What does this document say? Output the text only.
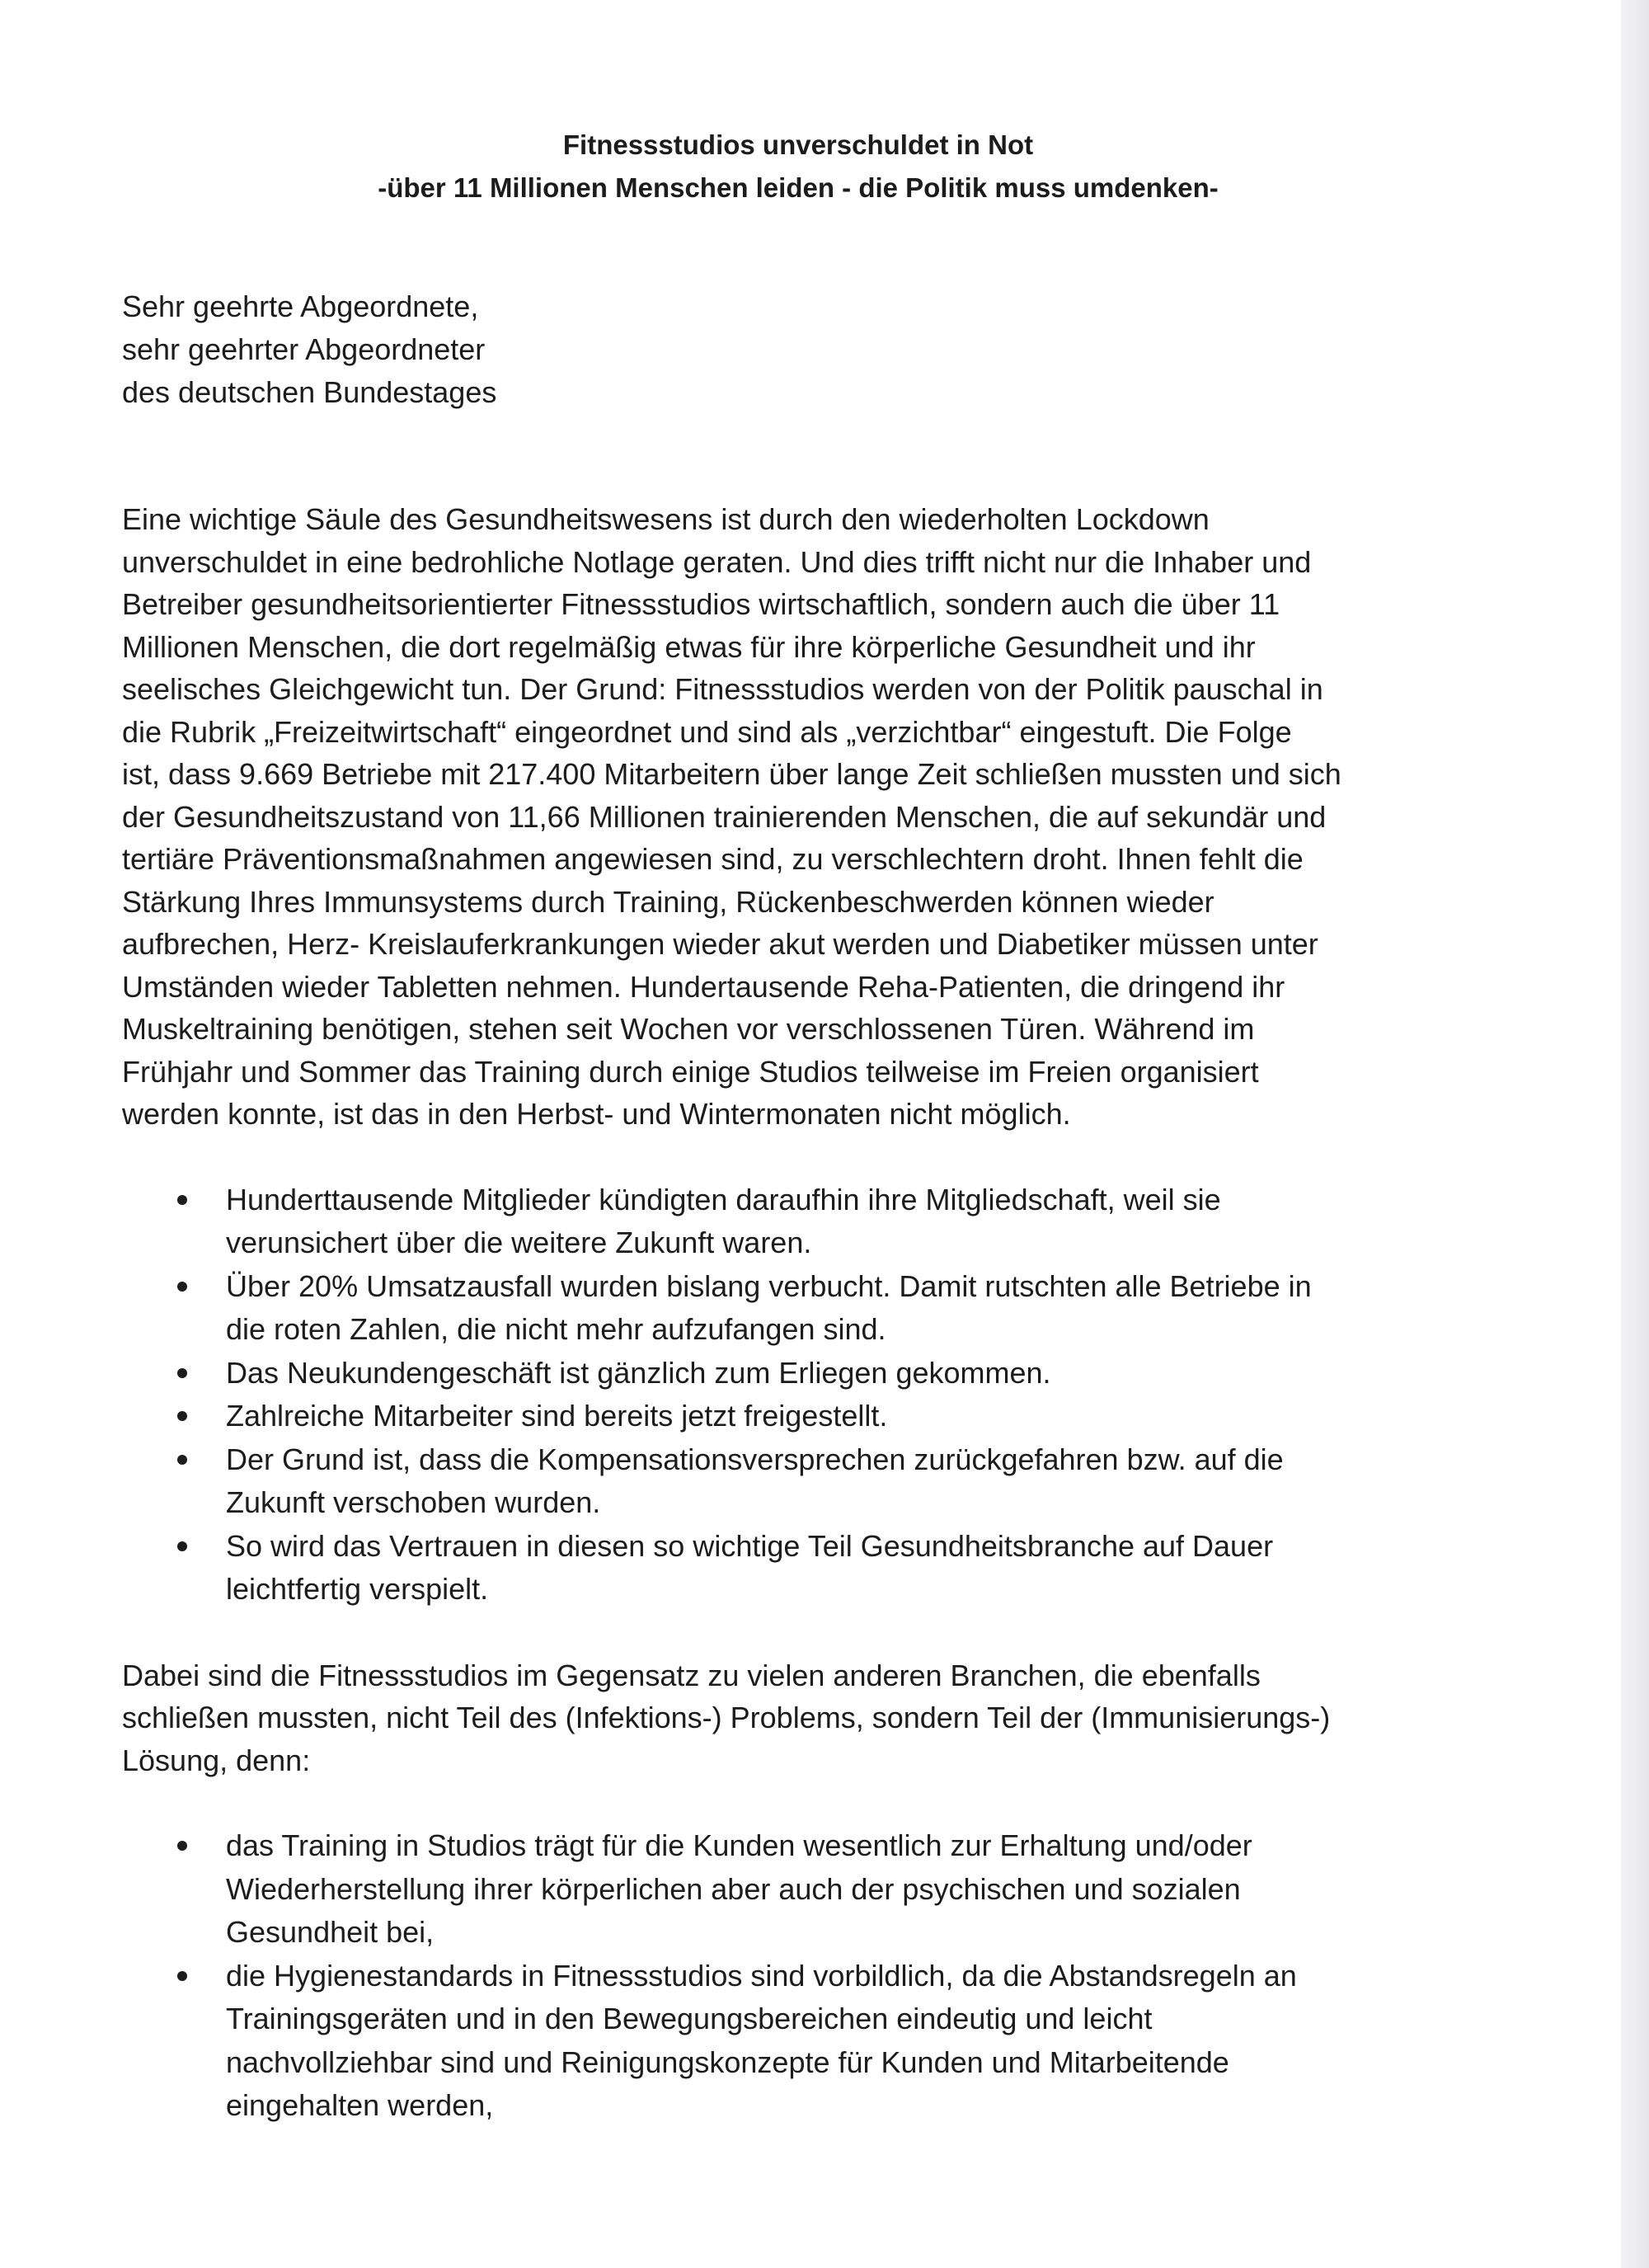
Fitnessstudios unverschuldet in Not
-über 11 Millionen Menschen leiden - die Politik muss umdenken-
Sehr geehrte Abgeordnete,
sehr geehrter Abgeordneter
des deutschen Bundestages
Eine wichtige Säule des Gesundheitswesens ist durch den wiederholten Lockdown
unverschuldet in eine bedrohliche Notlage geraten. Und dies trifft nicht nur die Inhaber und
Betreiber gesundheitsorientierter Fitnessstudios wirtschaftlich, sondern auch die über 11
Millionen Menschen, die dort regelmäßig etwas für ihre körperliche Gesundheit und ihr
seelisches Gleichgewicht tun. Der Grund: Fitnessstudios werden von der Politik pauschal in
die Rubrik „Freizeitwirtschaft“ eingeordnet und sind als „verzichtbar“ eingestuft. Die Folge
ist, dass 9.669 Betriebe mit 217.400 Mitarbeitern über lange Zeit schließen mussten und sich
der Gesundheitszustand von 11,66 Millionen trainierenden Menschen, die auf sekundär und
tertiäre Präventionsmaßnahmen angewiesen sind, zu verschlechtern droht. Ihnen fehlt die
Stärkung Ihres Immunsystems durch Training, Rückenbeschwerden können wieder
aufbrechen, Herz- Kreislauferkrankungen wieder akut werden und Diabetiker müssen unter
Umständen wieder Tabletten nehmen. Hundertausende Reha-Patienten, die dringend ihr
Muskeltraining benötigen, stehen seit Wochen vor verschlossenen Türen. Während im
Frühjahr und Sommer das Training durch einige Studios teilweise im Freien organisiert
werden konnte, ist das in den Herbst- und Wintermonaten nicht möglich.
Hunderttausende Mitglieder kündigten daraufhin ihre Mitgliedschaft, weil sie
verunsichert über die weitere Zukunft waren.
Über 20% Umsatzausfall wurden bislang verbucht. Damit rutschten alle Betriebe in
die roten Zahlen, die nicht mehr aufzufangen sind.
Das Neukundengeschäft ist gänzlich zum Erliegen gekommen.
Zahlreiche Mitarbeiter sind bereits jetzt freigestellt.
Der Grund ist, dass die Kompensationsversprechen zurückgefahren bzw. auf die
Zukunft verschoben wurden.
So wird das Vertrauen in diesen so wichtige Teil Gesundheitsbranche auf Dauer
leichtfertig verspielt.
Dabei sind die Fitnessstudios im Gegensatz zu vielen anderen Branchen, die ebenfalls
schließen mussten, nicht Teil des (Infektions-) Problems, sondern Teil der (Immunisierungs-)
Lösung, denn:
das Training in Studios trägt für die Kunden wesentlich zur Erhaltung und/oder
Wiederherstellung ihrer körperlichen aber auch der psychischen und sozialen
Gesundheit bei,
die Hygienestandards in Fitnessstudios sind vorbildlich, da die Abstandsregeln an
Trainingsgeräten und in den Bewegungsbereichen eindeutig und leicht
nachvollziehbar sind und Reinigungskonzepte für Kunden und Mitarbeitende
eingehalten werden,
